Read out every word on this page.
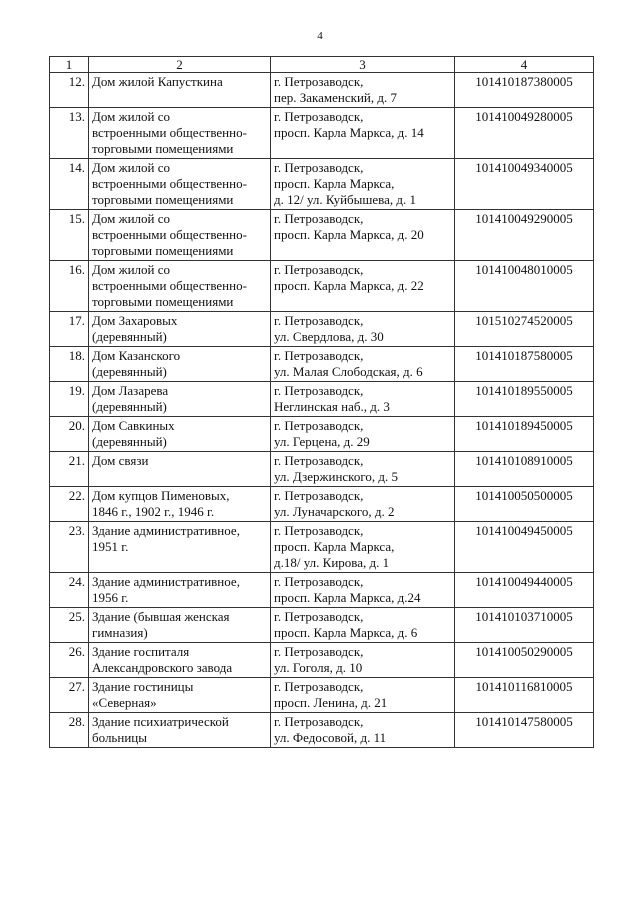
4
1	2	3	4
12.	Дом жилой Капусткина	г. Петрозаводск,
пер. Закаменский, д. 7	101410187380005
13.	Дом жилой со
встроенными общественно-
торговыми помещениями	г. Петрозаводск,
просп. Карла Маркса, д. 14	101410049280005
14.	Дом жилой со
встроенными общественно-
торговыми помещениями	г. Петрозаводск,
просп. Карла Маркса,
д. 12/ ул. Куйбышева, д. 1	101410049340005
15.	Дом жилой со
встроенными общественно-
торговыми помещениями	г. Петрозаводск,
просп. Карла Маркса, д. 20	101410049290005
16.	Дом жилой со
встроенными общественно-
торговыми помещениями	г. Петрозаводск,
просп. Карла Маркса, д. 22	101410048010005
17.	Дом Захаровых
(деревянный)	г. Петрозаводск,
ул. Свердлова, д. 30	101510274520005
18.	Дом Казанского
(деревянный)	г. Петрозаводск,
ул. Малая Слободская, д. 6	101410187580005
19.	Дом Лазарева
(деревянный)	г. Петрозаводск,
Неглинская наб., д. 3	101410189550005
20.	Дом Савкиных
(деревянный)	г. Петрозаводск,
ул. Герцена, д. 29	101410189450005
21.	Дом связи	г. Петрозаводск,
ул. Дзержинского, д. 5	101410108910005
22.	Дом купцов Пименовых,
1846 г., 1902 г., 1946 г.	г. Петрозаводск,
ул. Луначарского, д. 2	101410050500005
23.	Здание административное,
1951 г.	г. Петрозаводск,
просп. Карла Маркса,
д.18/ ул. Кирова, д. 1	101410049450005
24.	Здание административное,
1956 г.	г. Петрозаводск,
просп. Карла Маркса, д.24	101410049440005
25.	Здание (бывшая женская
гимназия)	г. Петрозаводск,
просп. Карла Маркса, д. 6	101410103710005
26.	Здание госпиталя
Александровского завода	г. Петрозаводск,
ул. Гоголя, д. 10	101410050290005
27.	Здание гостиницы
«Северная»	г. Петрозаводск,
просп. Ленина, д. 21	101410116810005
28.	Здание психиатрической
больницы	г. Петрозаводск,
ул. Федосовой, д. 11	101410147580005
